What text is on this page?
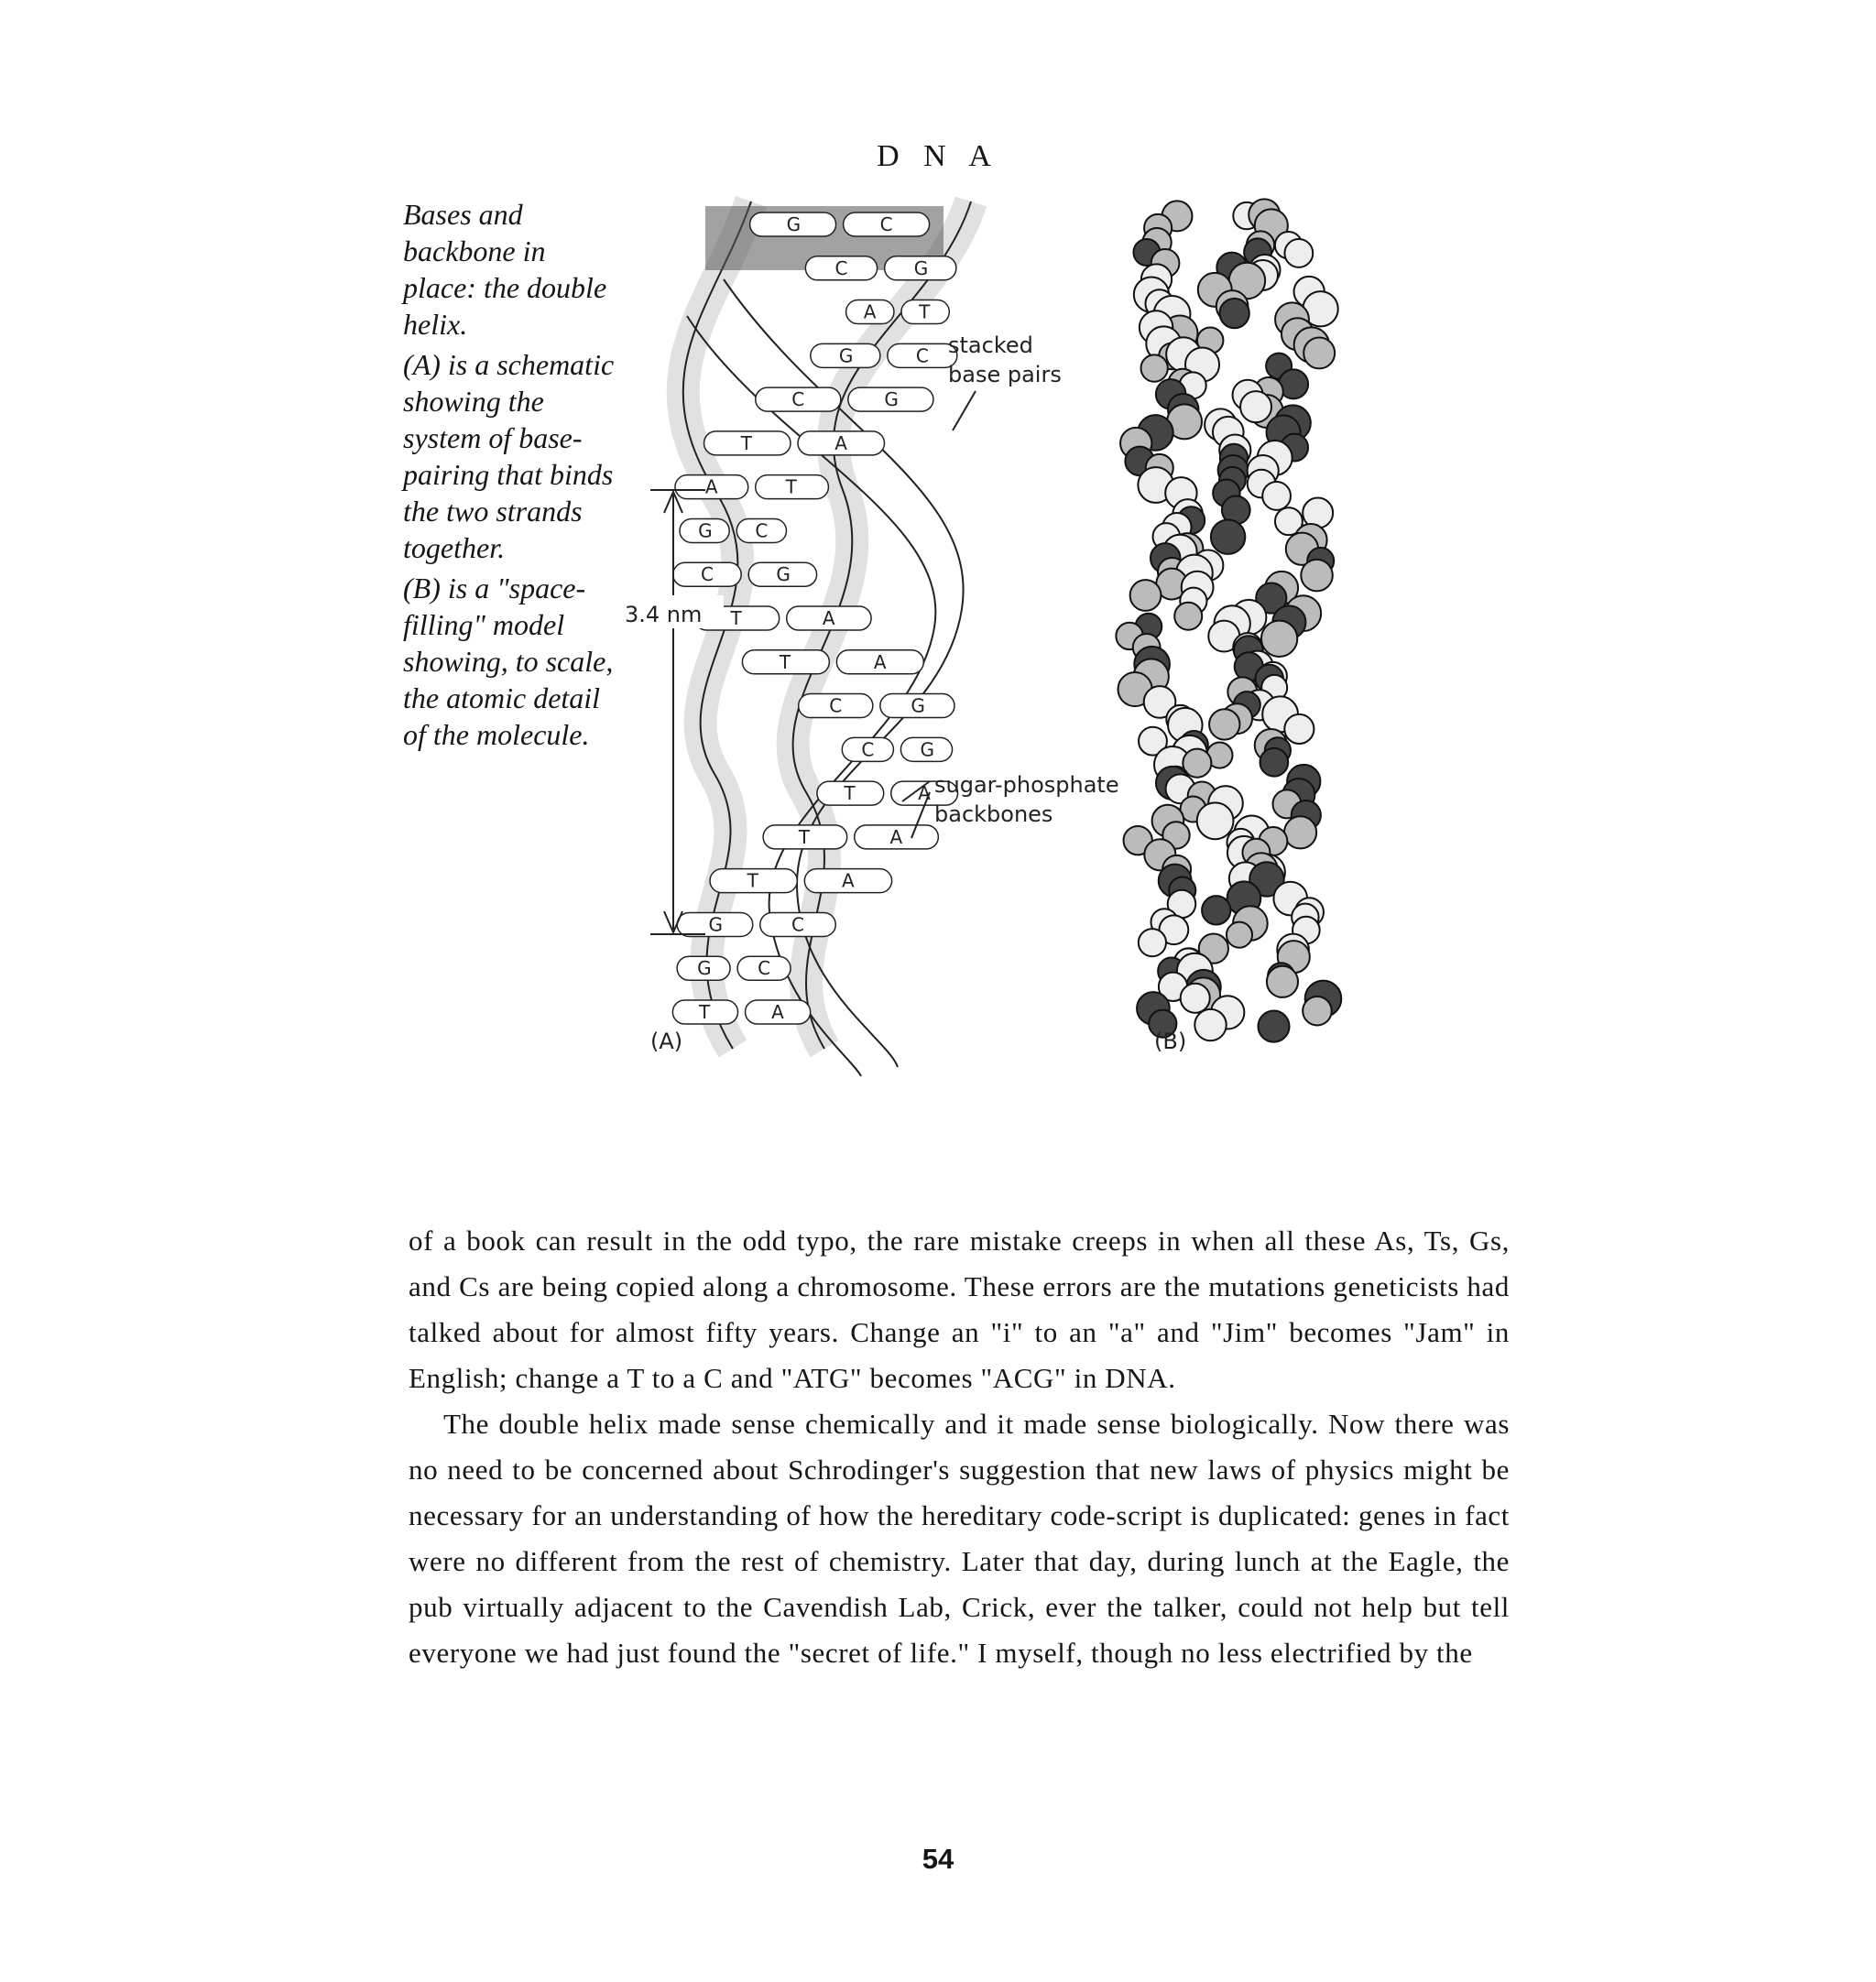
D N A

Bases and backbone in place: the double helix.

(A) is a schematic showing the system of base-pairing that binds the two strands together.

(B) is a "space-filling" model showing, to scale, the atomic detail of the molecule.

G	C
C	G
A T
G	C
C	G
T	A
A	T
G C
C	G
T	A
T	A
C	G
C	G
T	A
T	A
T	A
G	C
G	C
T	A
3.4 nm
stacked
base pairs
sugar-phosphate
backbones
(A)	(B)

of a book can result in the odd typo, the rare mistake creeps in when all these As, Ts, Gs, and Cs are being copied along a chromosome. These errors are the mutations geneticists had talked about for almost fifty years. Change an "i" to an "a" and "Jim" becomes "Jam" in English; change a T to a C and "ATG" becomes "ACG" in DNA.

The double helix made sense chemically and it made sense biologically. Now there was no need to be concerned about Schrodinger's suggestion that new laws of physics might be necessary for an understanding of how the hereditary code-script is duplicated: genes in fact were no different from the rest of chemistry. Later that day, during lunch at the Eagle, the pub virtually adjacent to the Cavendish Lab, Crick, ever the talker, could not help but tell everyone we had just found the "secret of life." I myself, though no less electrified by the

54
